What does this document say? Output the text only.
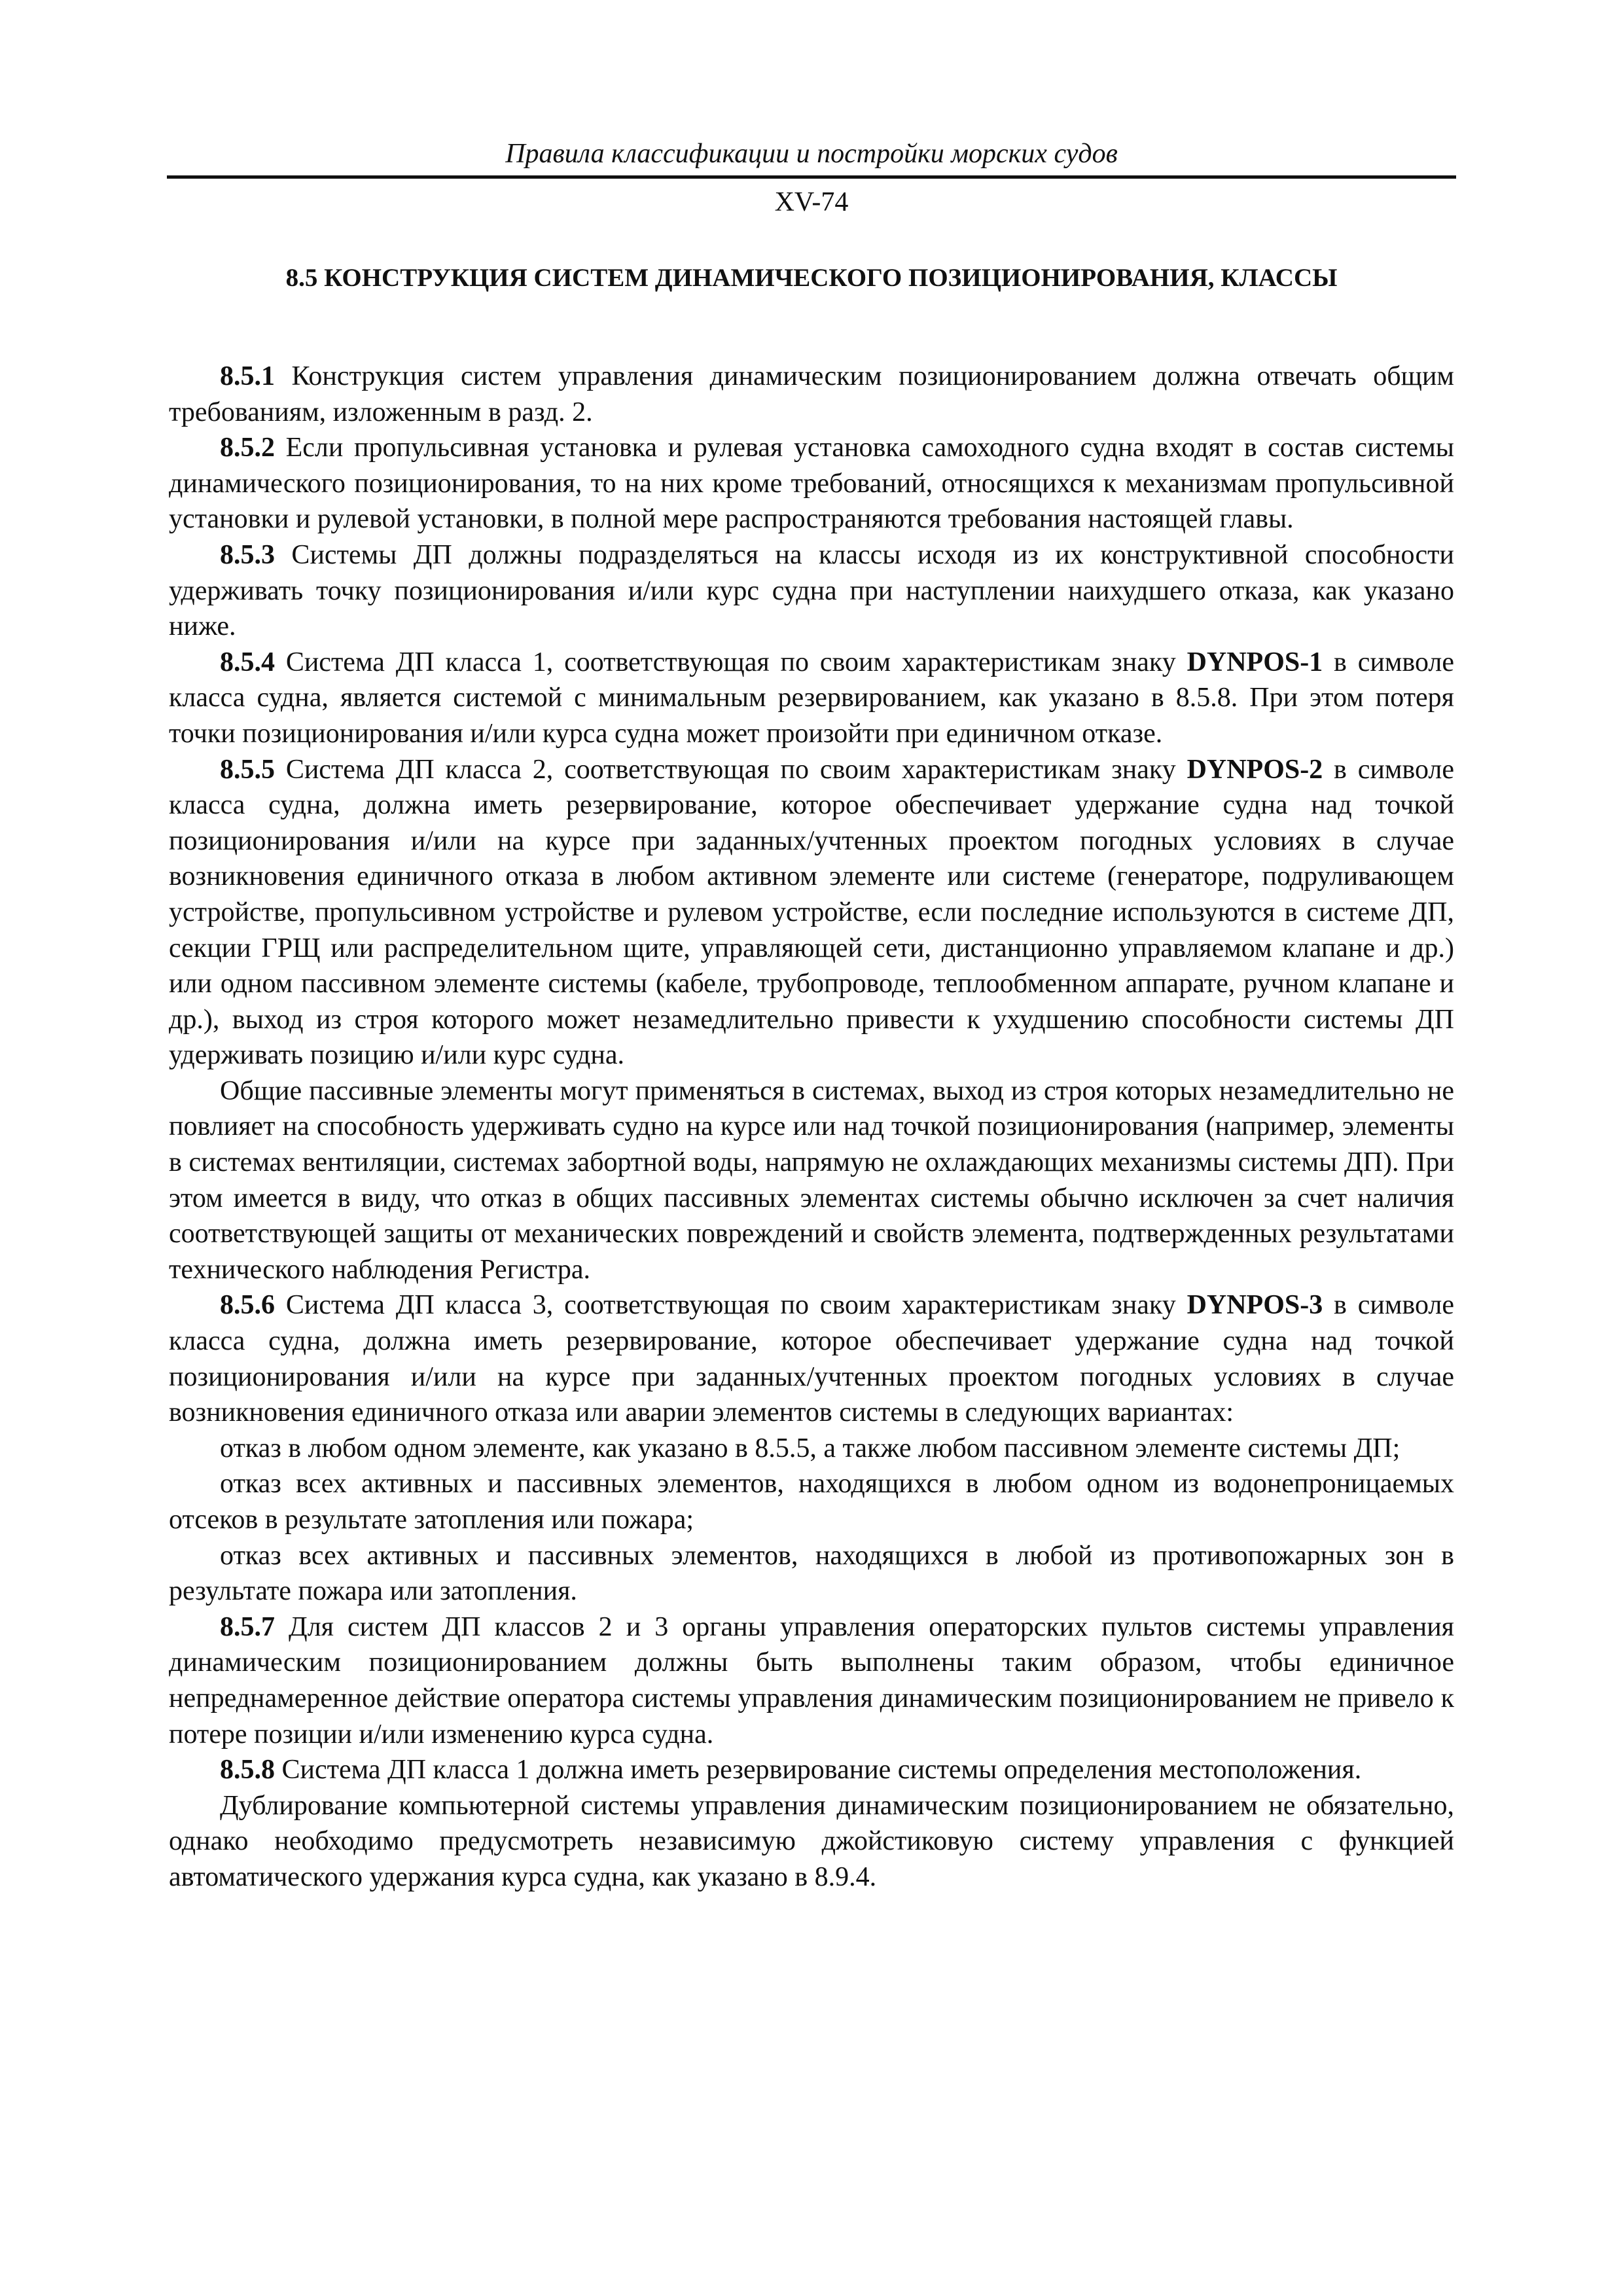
Правила классификации и постройки морских судов
XV-74
8.5 КОНСТРУКЦИЯ СИСТЕМ ДИНАМИЧЕСКОГО ПОЗИЦИОНИРОВАНИЯ, КЛАССЫ

8.5.1 Конструкция систем управления динамическим позиционированием должна отвечать общим требованиям, изложенным в разд. 2.

8.5.2 Если пропульсивная установка и рулевая установка самоходного судна входят в состав системы динамического позиционирования, то на них кроме требований, относящихся к механизмам пропульсивной установки и рулевой установки, в полной мере распространяются требования настоящей главы.

8.5.3 Системы ДП должны подразделяться на классы исходя из их конструктивной способности удерживать точку позиционирования и/или курс судна при наступлении наихудшего отказа, как указано ниже.

8.5.4 Система ДП класса 1, соответствующая по своим характеристикам знаку DYNPOS-1 в символе класса судна, является системой с минимальным резервированием, как указано в 8.5.8. При этом потеря точки позиционирования и/или курса судна может произойти при единичном отказе.

8.5.5 Система ДП класса 2, соответствующая по своим характеристикам знаку DYNPOS-2 в символе класса судна, должна иметь резервирование, которое обеспечивает удержание судна над точкой позиционирования и/или на курсе при заданных/учтенных проектом погодных условиях в случае возникновения единичного отказа в любом активном элементе или системе (генераторе, подруливающем устройстве, пропульсивном устройстве и рулевом устройстве, если последние используются в системе ДП, секции ГРЩ или распределительном щите, управляющей сети, дистанционно управляемом клапане и др.) или одном пассивном элементе системы (кабеле, трубопроводе, теплообменном аппарате, ручном клапане и др.), выход из строя которого может незамедлительно привести к ухудшению способности системы ДП удерживать позицию и/или курс судна.

Общие пассивные элементы могут применяться в системах, выход из строя которых незамедлительно не повлияет на способность удерживать судно на курсе или над точкой позиционирования (например, элементы в системах вентиляции, системах забортной воды, напрямую не охлаждающих механизмы системы ДП). При этом имеется в виду, что отказ в общих пассивных элементах системы обычно исключен за счет наличия соответствующей защиты от механических повреждений и свойств элемента, подтвержденных результатами технического наблюдения Регистра.

8.5.6 Система ДП класса 3, соответствующая по своим характеристикам знаку DYNPOS-3 в символе класса судна, должна иметь резервирование, которое обеспечивает удержание судна над точкой позиционирования и/или на курсе при заданных/учтенных проектом погодных условиях в случае возникновения единичного отказа или аварии элементов системы в следующих вариантах:

отказ в любом одном элементе, как указано в 8.5.5, а также любом пассивном элементе системы ДП;

отказ всех активных и пассивных элементов, находящихся в любом одном из водонепроницаемых отсеков в результате затопления или пожара;

отказ всех активных и пассивных элементов, находящихся в любой из противопожарных зон в результате пожара или затопления.

8.5.7 Для систем ДП классов 2 и 3 органы управления операторских пультов системы управления динамическим позиционированием должны быть выполнены таким образом, чтобы единичное непреднамеренное действие оператора системы управления динамическим позиционированием не привело к потере позиции и/или изменению курса судна.

8.5.8 Система ДП класса 1 должна иметь резервирование системы определения местоположения.

Дублирование компьютерной системы управления динамическим позиционированием не обязательно, однако необходимо предусмотреть независимую джойстиковую систему управления с функцией автоматического удержания курса судна, как указано в 8.9.4.
